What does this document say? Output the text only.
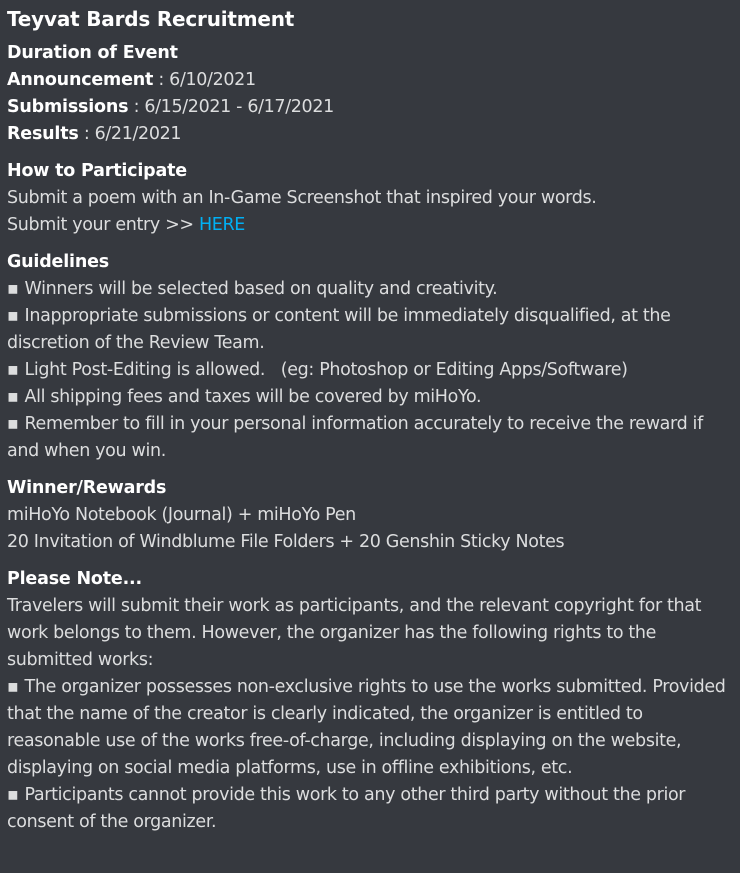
Teyvat Bards Recruitment
Duration of Event
Announcement : 6/10/2021
Submissions : 6/15/2021 - 6/17/2021
Results : 6/21/2021
How to Participate
Submit a poem with an In-Game Screenshot that inspired your words.
Submit your entry >> HERE
Guidelines
▪ Winners will be selected based on quality and creativity.
▪ Inappropriate submissions or content will be immediately disqualified, at the discretion of the Review Team.
▪ Light Post-Editing is allowed.   (eg: Photoshop or Editing Apps/Software)
▪ All shipping fees and taxes will be covered by miHoYo.
▪ Remember to fill in your personal information accurately to receive the reward if and when you win.
Winner/Rewards
miHoYo Notebook (Journal) + miHoYo Pen
20 Invitation of Windblume File Folders + 20 Genshin Sticky Notes
Please Note...
Travelers will submit their work as participants, and the relevant copyright for that work belongs to them. However, the organizer has the following rights to the submitted works:
▪ The organizer possesses non-exclusive rights to use the works submitted. Provided that the name of the creator is clearly indicated, the organizer is entitled to reasonable use of the works free-of-charge, including displaying on the website, displaying on social media platforms, use in offline exhibitions, etc.
▪ Participants cannot provide this work to any other third party without the prior consent of the organizer.
